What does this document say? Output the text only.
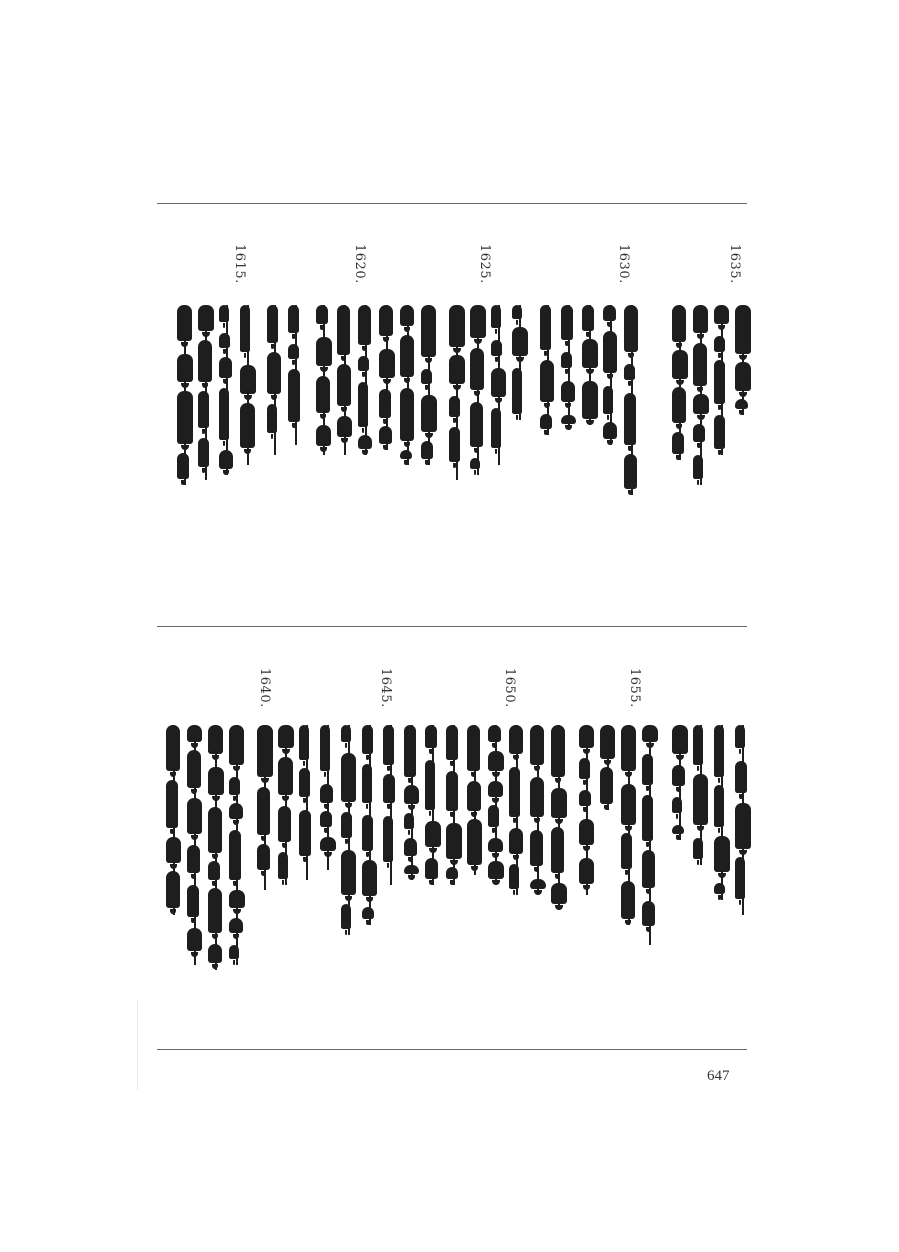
1635.
1630.
1625.
1620.
1615.
1655.
1650.
1645.
1640.
647
